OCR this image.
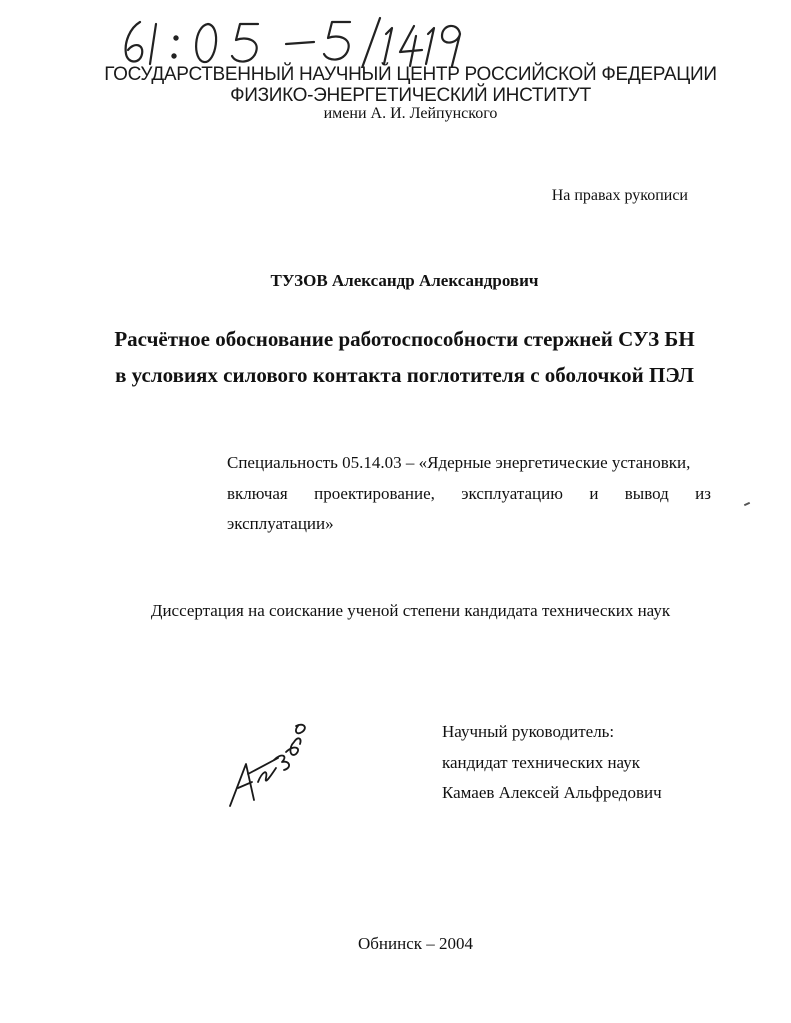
ГОСУДАРСТВЕННЫЙ НАУЧНЫЙ ЦЕНТР РОССИЙСКОЙ ФЕДЕРАЦИИ
ФИЗИКО-ЭНЕРГЕТИЧЕСКИЙ ИНСТИТУТ
имени А. И. Лейпунского
На правах рукописи
ТУЗОВ Александр Александрович
Расчётное обоснование работоспособности стержней СУЗ БН
в условиях силового контакта поглотителя с оболочкой ПЭЛ
Специальность 05.14.03 – «Ядерные энергетические установки,
включая проектирование, эксплуатацию и вывод из
эксплуатации»
Диссертация на соискание ученой степени кандидата технических наук
Научный руководитель:
кандидат технических наук
Камаев Алексей Альфредович
Обнинск – 2004
